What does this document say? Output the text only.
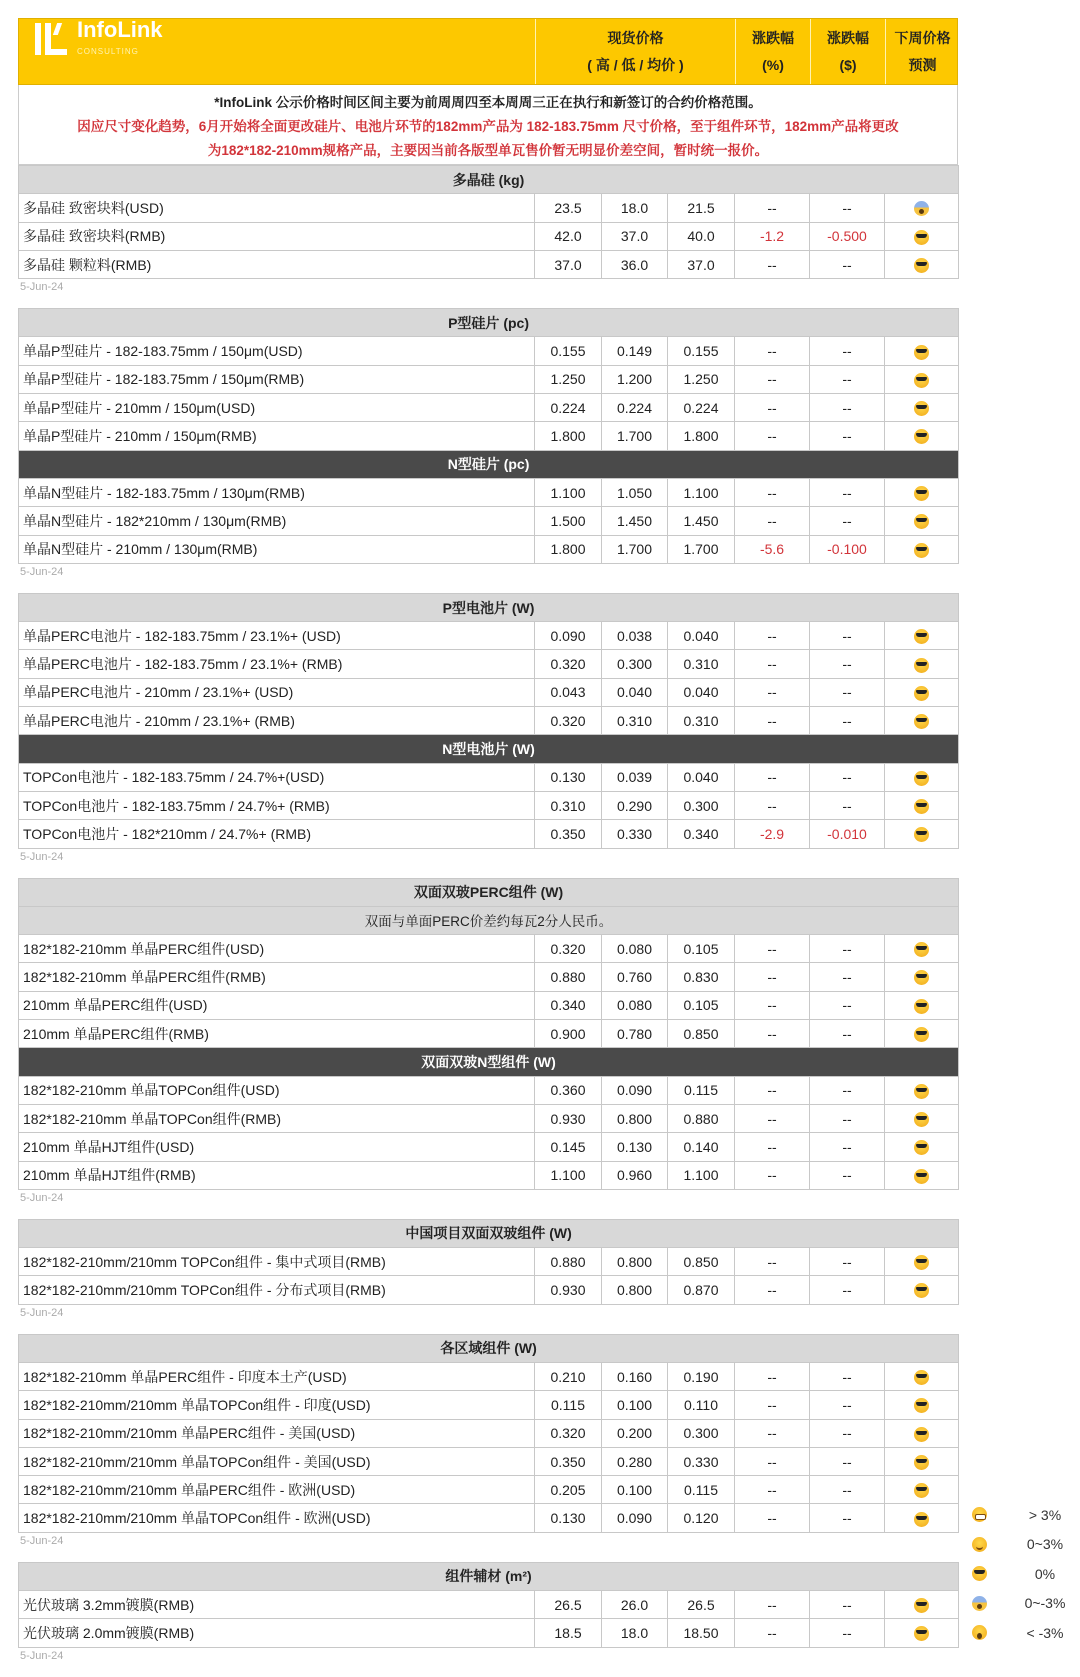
InfoLink
CONSULTING
现货价格
( 高 / 低 / 均价 )
涨跌幅
(%)
涨跌幅
($)
下周价格
预测
*InfoLink 公示价格时间区间主要为前周周四至本周周三正在执行和新签订的合约价格范围。
因应尺寸变化趋势，6月开始将全面更改硅片、电池片环节的182mm产品为 182-183.75mm 尺寸价格，至于组件环节，182mm产品将更改
为182*182-210mm规格产品，主要因当前各版型单瓦售价暂无明显价差空间，暂时统一报价。
多晶硅 (kg)						
多晶硅 致密块料(USD)	23.5	18.0	21.5	--	--	
多晶硅 致密块料(RMB)	42.0	37.0	40.0	-1.2	-0.500	
多晶硅 颗粒料(RMB)	37.0	36.0	37.0	--	--	
5-Jun-24
P型硅片 (pc)						
单晶P型硅片 - 182-183.75mm / 150μm(USD)	0.155	0.149	0.155	--	--	
单晶P型硅片 - 182-183.75mm / 150μm(RMB)	1.250	1.200	1.250	--	--	
单晶P型硅片 - 210mm / 150μm(USD)	0.224	0.224	0.224	--	--	
单晶P型硅片 - 210mm / 150μm(RMB)	1.800	1.700	1.800	--	--	
N型硅片 (pc)						
单晶N型硅片 - 182-183.75mm / 130μm(RMB)	1.100	1.050	1.100	--	--	
单晶N型硅片 - 182*210mm / 130μm(RMB)	1.500	1.450	1.450	--	--	
单晶N型硅片 - 210mm / 130μm(RMB)	1.800	1.700	1.700	-5.6	-0.100	
5-Jun-24
P型电池片 (W)						
单晶PERC电池片 - 182-183.75mm / 23.1%+ (USD)	0.090	0.038	0.040	--	--	
单晶PERC电池片 - 182-183.75mm / 23.1%+ (RMB)	0.320	0.300	0.310	--	--	
单晶PERC电池片 - 210mm / 23.1%+ (USD)	0.043	0.040	0.040	--	--	
单晶PERC电池片 - 210mm / 23.1%+ (RMB)	0.320	0.310	0.310	--	--	
N型电池片 (W)						
TOPCon电池片 - 182-183.75mm / 24.7%+(USD)	0.130	0.039	0.040	--	--	
TOPCon电池片 - 182-183.75mm / 24.7%+ (RMB)	0.310	0.290	0.300	--	--	
TOPCon电池片 - 182*210mm / 24.7%+ (RMB)	0.350	0.330	0.340	-2.9	-0.010	
5-Jun-24
双面双玻PERC组件 (W)						
双面与单面PERC价差约每瓦2分人民币。						
182*182-210mm 单晶PERC组件(USD)	0.320	0.080	0.105	--	--	
182*182-210mm 单晶PERC组件(RMB)	0.880	0.760	0.830	--	--	
210mm 单晶PERC组件(USD)	0.340	0.080	0.105	--	--	
210mm 单晶PERC组件(RMB)	0.900	0.780	0.850	--	--	
双面双玻N型组件 (W)						
182*182-210mm 单晶TOPCon组件(USD)	0.360	0.090	0.115	--	--	
182*182-210mm 单晶TOPCon组件(RMB)	0.930	0.800	0.880	--	--	
210mm 单晶HJT组件(USD)	0.145	0.130	0.140	--	--	
210mm 单晶HJT组件(RMB)	1.100	0.960	1.100	--	--	
5-Jun-24
中国项目双面双玻组件 (W)						
182*182-210mm/210mm TOPCon组件 - 集中式项目(RMB)	0.880	0.800	0.850	--	--	
182*182-210mm/210mm TOPCon组件 - 分布式项目(RMB)	0.930	0.800	0.870	--	--	
5-Jun-24
各区域组件 (W)						
182*182-210mm 单晶PERC组件 - 印度本土产(USD)	0.210	0.160	0.190	--	--	
182*182-210mm/210mm 单晶TOPCon组件 - 印度(USD)	0.115	0.100	0.110	--	--	
182*182-210mm/210mm 单晶PERC组件 - 美国(USD)	0.320	0.200	0.300	--	--	
182*182-210mm/210mm 单晶TOPCon组件 - 美国(USD)	0.350	0.280	0.330	--	--	
182*182-210mm/210mm 单晶PERC组件 - 欧洲(USD)	0.205	0.100	0.115	--	--	
182*182-210mm/210mm 单晶TOPCon组件 - 欧洲(USD)	0.130	0.090	0.120	--	--	
5-Jun-24
组件辅材 (m²)						
光伏玻璃 3.2mm镀膜(RMB)	26.5	26.0	26.5	--	--	
光伏玻璃 2.0mm镀膜(RMB)	18.5	18.0	18.50	--	--	
5-Jun-24
> 3%
0~3%
0%
0~-3%
< -3%
